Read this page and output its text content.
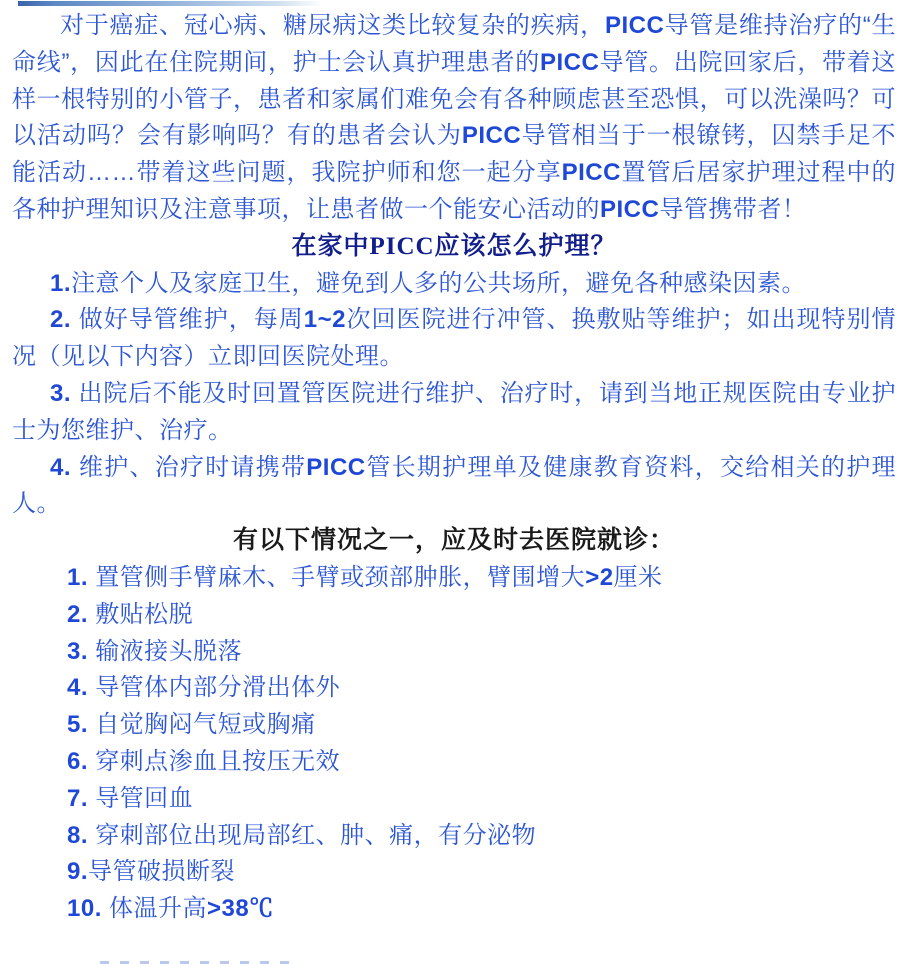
对于癌症、冠心病、糖尿病这类比较复杂的疾病，PICC导管是维持治疗的“生命线”，因此在住院期间，护士会认真护理患者的PICC导管。出院回家后，带着这样一根特别的小管子，患者和家属们难免会有各种顾虑甚至恐惧，可以洗澡吗？可以活动吗？会有影响吗？有的患者会认为PICC导管相当于一根镣铐，囚禁手足不能活动……带着这些问题，我院护师和您一起分享PICC置管后居家护理过程中的各种护理知识及注意事项，让患者做一个能安心活动的PICC导管携带者！

在家中PICC应该怎么护理？

1.注意个人及家庭卫生，避免到人多的公共场所，避免各种感染因素。

2. 做好导管维护，每周1~2次回医院进行冲管、换敷贴等维护；如出现特别情况（见以下内容）立即回医院处理。

3. 出院后不能及时回置管医院进行维护、治疗时，请到当地正规医院由专业护士为您维护、治疗。

4. 维护、治疗时请携带PICC管长期护理单及健康教育资料，交给相关的护理人。

有以下情况之一，应及时去医院就诊：
1. 置管侧手臂麻木、手臂或颈部肿胀，臂围增大>2厘米
2. 敷贴松脱
3. 输液接头脱落
4. 导管体内部分滑出体外
5. 自觉胸闷气短或胸痛
6. 穿刺点渗血且按压无效
7. 导管回血
8. 穿刺部位出现局部红、肿、痛，有分泌物
9.导管破损断裂
10. 体温升高>38℃
